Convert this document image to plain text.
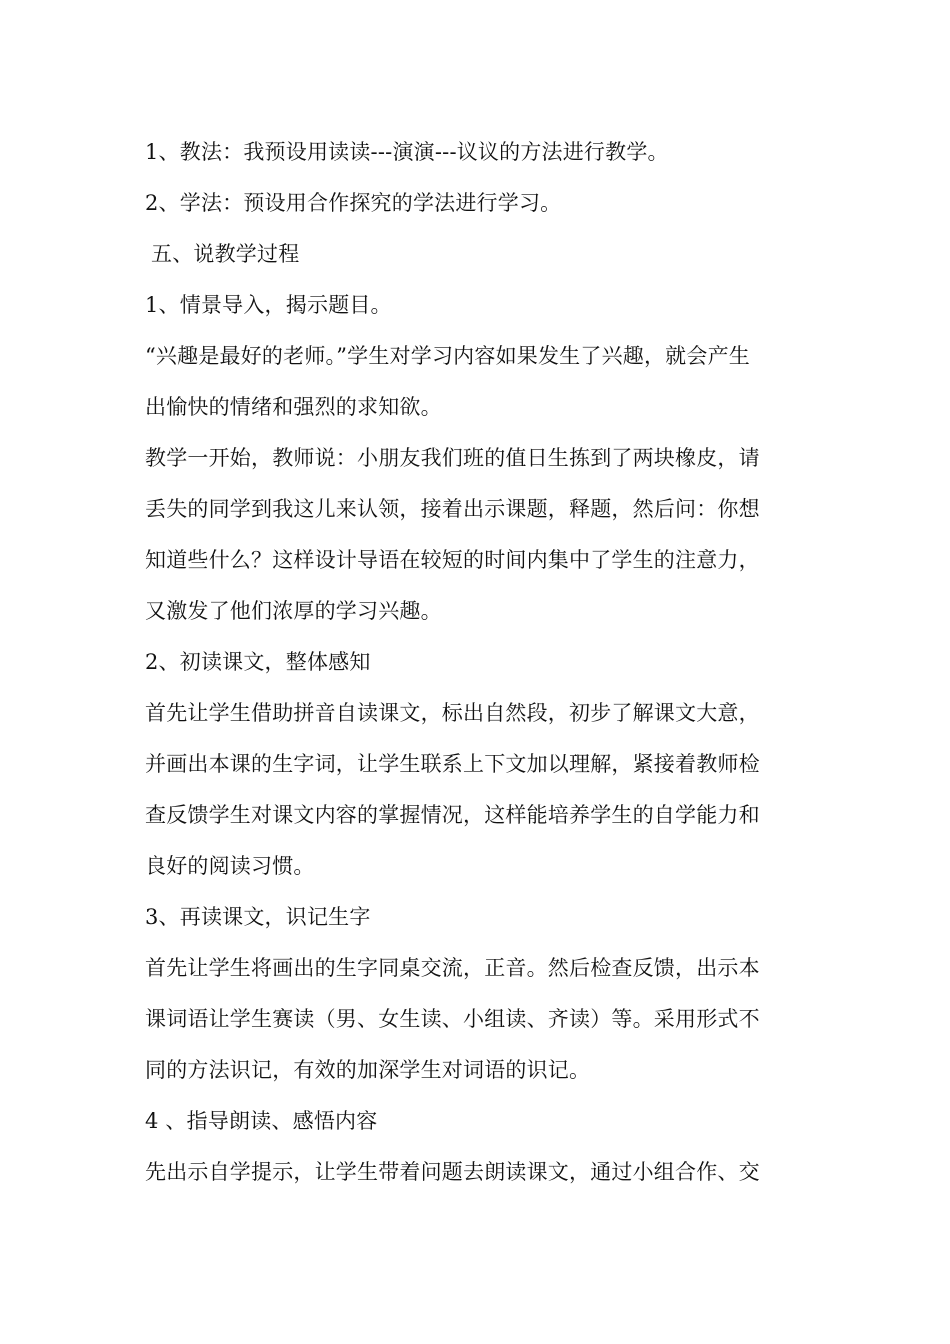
1、教法：我预设用读读---演演---议议的方法进行教学。
2、学法：预设用合作探究的学法进行学习。
五、说教学过程
1、情景导入，揭示题目。
“兴趣是最好的老师。”学生对学习内容如果发生了兴趣，就会产生
出愉快的情绪和强烈的求知欲。
教学一开始，教师说：小朋友我们班的值日生拣到了两块橡皮，请
丢失的同学到我这儿来认领，接着出示课题，释题，然后问：你想
知道些什么？这样设计导语在较短的时间内集中了学生的注意力，
又激发了他们浓厚的学习兴趣。
2、初读课文，整体感知
首先让学生借助拼音自读课文，标出自然段，初步了解课文大意，
并画出本课的生字词，让学生联系上下文加以理解，紧接着教师检
查反馈学生对课文内容的掌握情况，这样能培养学生的自学能力和
良好的阅读习惯。
3、再读课文，识记生字
首先让学生将画出的生字同桌交流，正音。然后检查反馈，出示本
课词语让学生赛读（男、女生读、小组读、齐读）等。采用形式不
同的方法识记，有效的加深学生对词语的识记。
4 、指导朗读、感悟内容
先出示自学提示，让学生带着问题去朗读课文，通过小组合作、交
